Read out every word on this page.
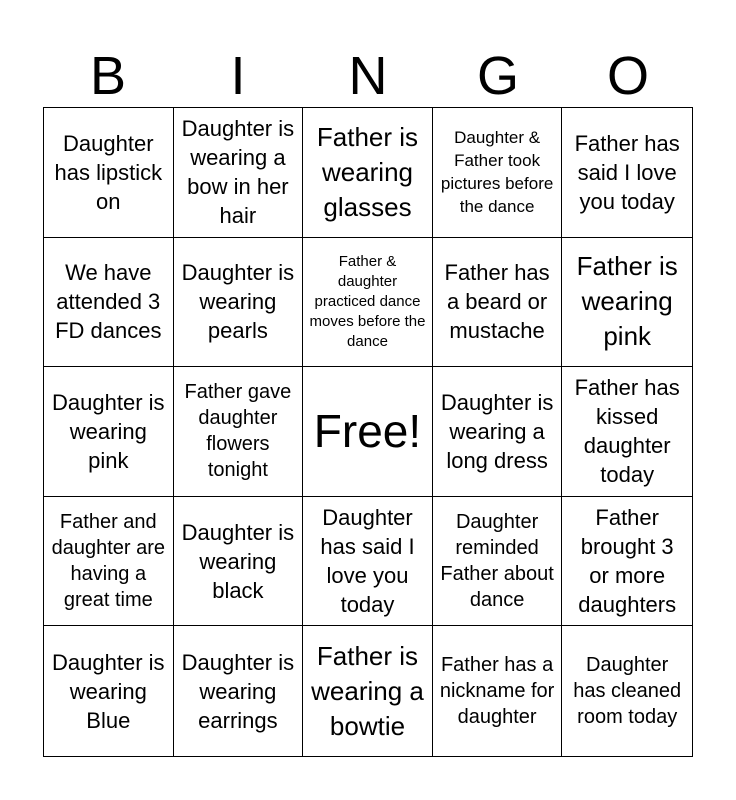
B	I	N	G	O
Daughter has lipstick on
Daughter is wearing a bow in her hair
Father is wearing glasses
Daughter & Father took pictures before the dance
Father has said I love you today
We have attended 3 FD dances
Daughter is wearing pearls
Father & daughter practiced dance moves before the dance
Father has a beard or mustache
Father is wearing pink
Daughter is wearing pink
Father gave daughter flowers tonight
Free!
Daughter is wearing a long dress
Father has kissed daughter today
Father and daughter are having a great time
Daughter is wearing black
Daughter has said I love you today
Daughter reminded Father about dance
Father brought 3 or more daughters
Daughter is wearing Blue
Daughter is wearing earrings
Father is wearing a bowtie
Father has a nickname for daughter
Daughter has cleaned room today
